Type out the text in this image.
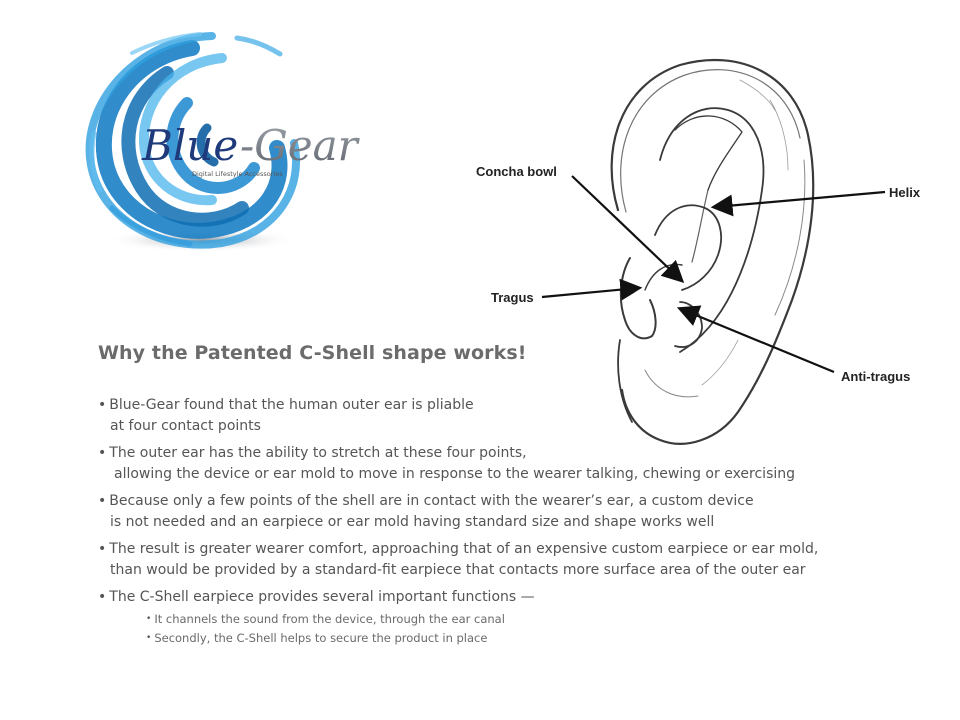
Blue -Gear
Digital Lifestyle Accessories	Concha bowl
Helix
Tragus
Anti-tragus
Why the Patented C-Shell shape works!
• Blue-Gear found that the human outer ear is pliable
at four contact points
• The outer ear has the ability to stretch at these four points,
allowing the device or ear mold to move in response to the wearer talking, chewing or exercising
• Because only a few points of the shell are in contact with the wearer’s ear, a custom device
is not needed and an earpiece or ear mold having standard size and shape works well
• The result is greater wearer comfort, approaching that of an expensive custom earpiece or ear mold,
than would be provided by a standard-fit earpiece that contacts more surface area of the outer ear
• The C-Shell earpiece provides several important functions —
• It channels the sound from the device, through the ear canal
• Secondly, the C-Shell helps to secure the product in place
